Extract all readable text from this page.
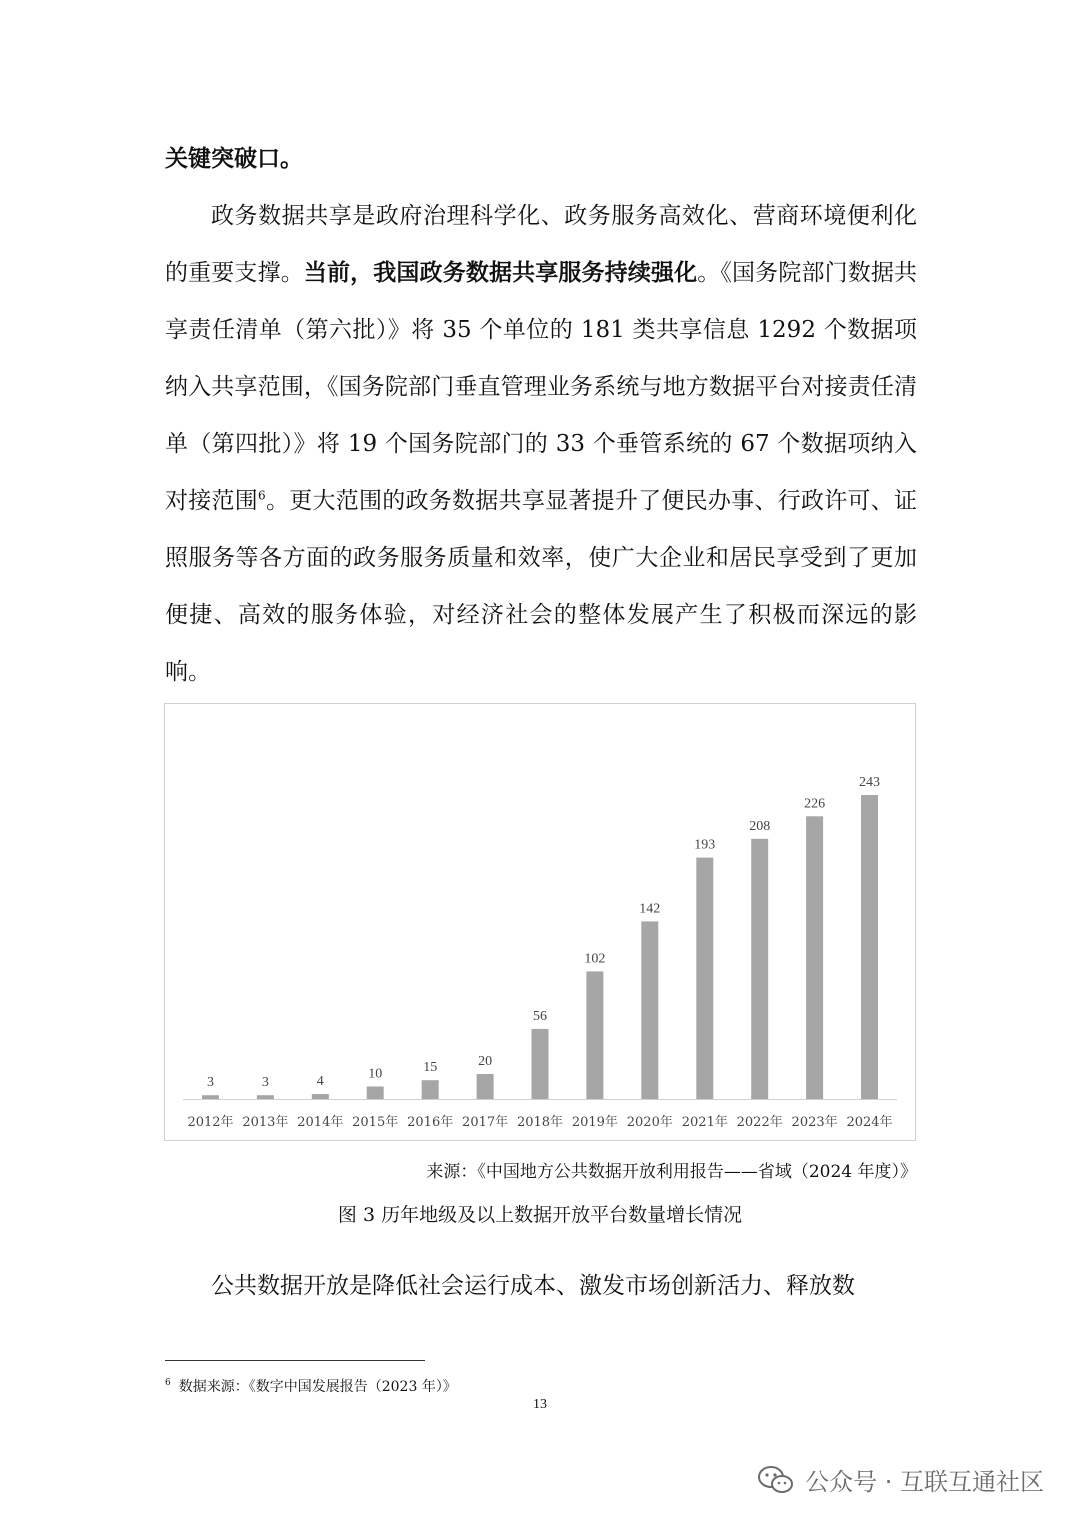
关键突破口。

政务数据共享是政府治理科学化、政务服务高效化、营商环境便利化的重要支撑。当前，我国政务数据共享服务持续强化。《国务院部门数据共享责任清单（第六批）》将 35 个单位的 181 类共享信息 1292 个数据项纳入共享范围，《国务院部门垂直管理业务系统与地方数据平台对接责任清单（第四批）》将 19 个国务院部门的 33 个垂管系统的 67 个数据项纳入对接范围$^6$。更大范围的政务数据共享显著提升了便民办事、行政许可、证照服务等各方面的政务服务质量和效率，使广大企业和居民享受到了更加便捷、高效的服务体验，对经济社会的整体发展产生了积极而深远的影响。

3
2012年
3
2013年
4
2014年
10
2015年
15
2016年
20
2017年
56
2018年
102
2019年
142
2020年
193
2021年
208
2022年
226
2023年
243
2024年

来源：《中国地方公共数据开放利用报告——省域（2024 年度）》

图 3 历年地级及以上数据开放平台数量增长情况

公共数据开放是降低社会运行成本、激发市场创新活力、释放数

$^6$ 数据来源：《数字中国发展报告（2023 年）》

13

公众号 · 互联互通社区
